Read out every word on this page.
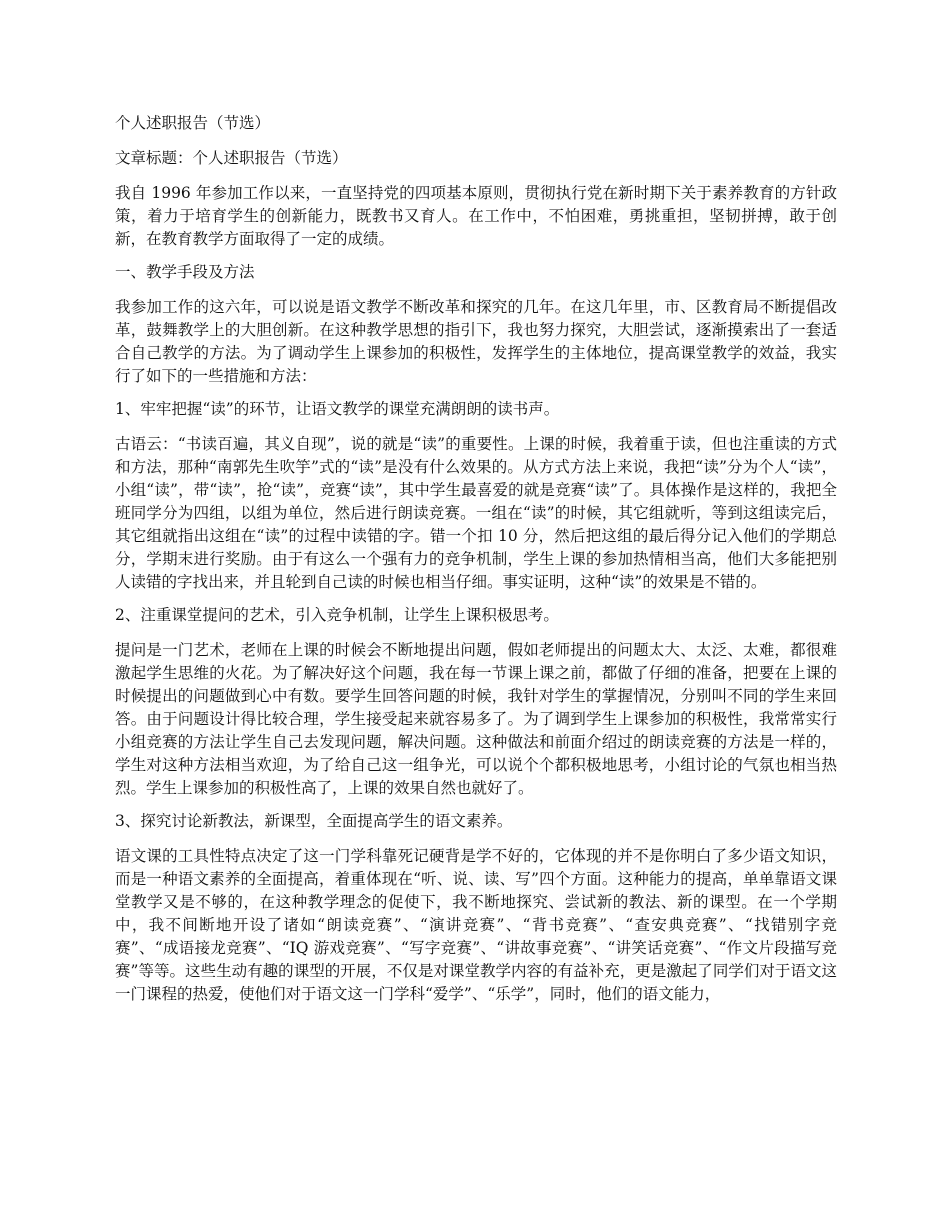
个人述职报告（节选）

文章标题：个人述职报告（节选）

我自 1996 年参加工作以来，一直坚持党的四项基本原则，贯彻执行党在新时期下关于素养教育的方针政策，着力于培育学生的创新能力，既教书又育人。在工作中，不怕困难，勇挑重担，坚韧拼搏，敢于创新，在教育教学方面取得了一定的成绩。

一、教学手段及方法

我参加工作的这六年，可以说是语文教学不断改革和探究的几年。在这几年里，市、区教育局不断提倡改革，鼓舞教学上的大胆创新。在这种教学思想的指引下，我也努力探究，大胆尝试，逐渐摸索出了一套适合自己教学的方法。为了调动学生上课参加的积极性，发挥学生的主体地位，提高课堂教学的效益，我实行了如下的一些措施和方法：

1、牢牢把握“读”的环节，让语文教学的课堂充满朗朗的读书声。

古语云：“书读百遍，其义自现”，说的就是“读”的重要性。上课的时候，我着重于读，但也注重读的方式和方法，那种“南郭先生吹竽”式的“读”是没有什么效果的。从方式方法上来说，我把“读”分为个人“读”，小组“读”，带“读”，抢“读”，竞赛“读”，其中学生最喜爱的就是竞赛“读”了。具体操作是这样的，我把全班同学分为四组，以组为单位，然后进行朗读竞赛。一组在“读”的时候，其它组就听，等到这组读完后，其它组就指出这组在“读”的过程中读错的字。错一个扣 10 分，然后把这组的最后得分记入他们的学期总分，学期末进行奖励。由于有这么一个强有力的竞争机制，学生上课的参加热情相当高，他们大多能把别人读错的字找出来，并且轮到自己读的时候也相当仔细。事实证明，这种“读”的效果是不错的。

2、注重课堂提问的艺术，引入竞争机制，让学生上课积极思考。

提问是一门艺术，老师在上课的时候会不断地提出问题，假如老师提出的问题太大、太泛、太难，都很难激起学生思维的火花。为了解决好这个问题，我在每一节课上课之前，都做了仔细的准备，把要在上课的时候提出的问题做到心中有数。要学生回答问题的时候，我针对学生的掌握情况，分别叫不同的学生来回答。由于问题设计得比较合理，学生接受起来就容易多了。为了调到学生上课参加的积极性，我常常实行小组竞赛的方法让学生自己去发现问题，解决问题。这种做法和前面介绍过的朗读竞赛的方法是一样的，学生对这种方法相当欢迎，为了给自己这一组争光，可以说个个都积极地思考，小组讨论的气氛也相当热烈。学生上课参加的积极性高了，上课的效果自然也就好了。

3、探究讨论新教法，新课型，全面提高学生的语文素养。

语文课的工具性特点决定了这一门学科靠死记硬背是学不好的，它体现的并不是你明白了多少语文知识，而是一种语文素养的全面提高，着重体现在“听、说、读、写”四个方面。这种能力的提高，单单靠语文课堂教学又是不够的，在这种教学理念的促使下，我不断地探究、尝试新的教法、新的课型。在一个学期中，我不间断地开设了诸如“朗读竞赛”、“演讲竞赛”、“背书竞赛”、“查安典竞赛”、“找错别字竞赛”、“成语接龙竞赛”、“IQ 游戏竞赛”、“写字竞赛”、“讲故事竞赛”、“讲笑话竞赛”、“作文片段描写竞赛”等等。这些生动有趣的课型的开展，不仅是对课堂教学内容的有益补充，更是激起了同学们对于语文这一门课程的热爱，使他们对于语文这一门学科“爱学”、“乐学”，同时，他们的语文能力，
